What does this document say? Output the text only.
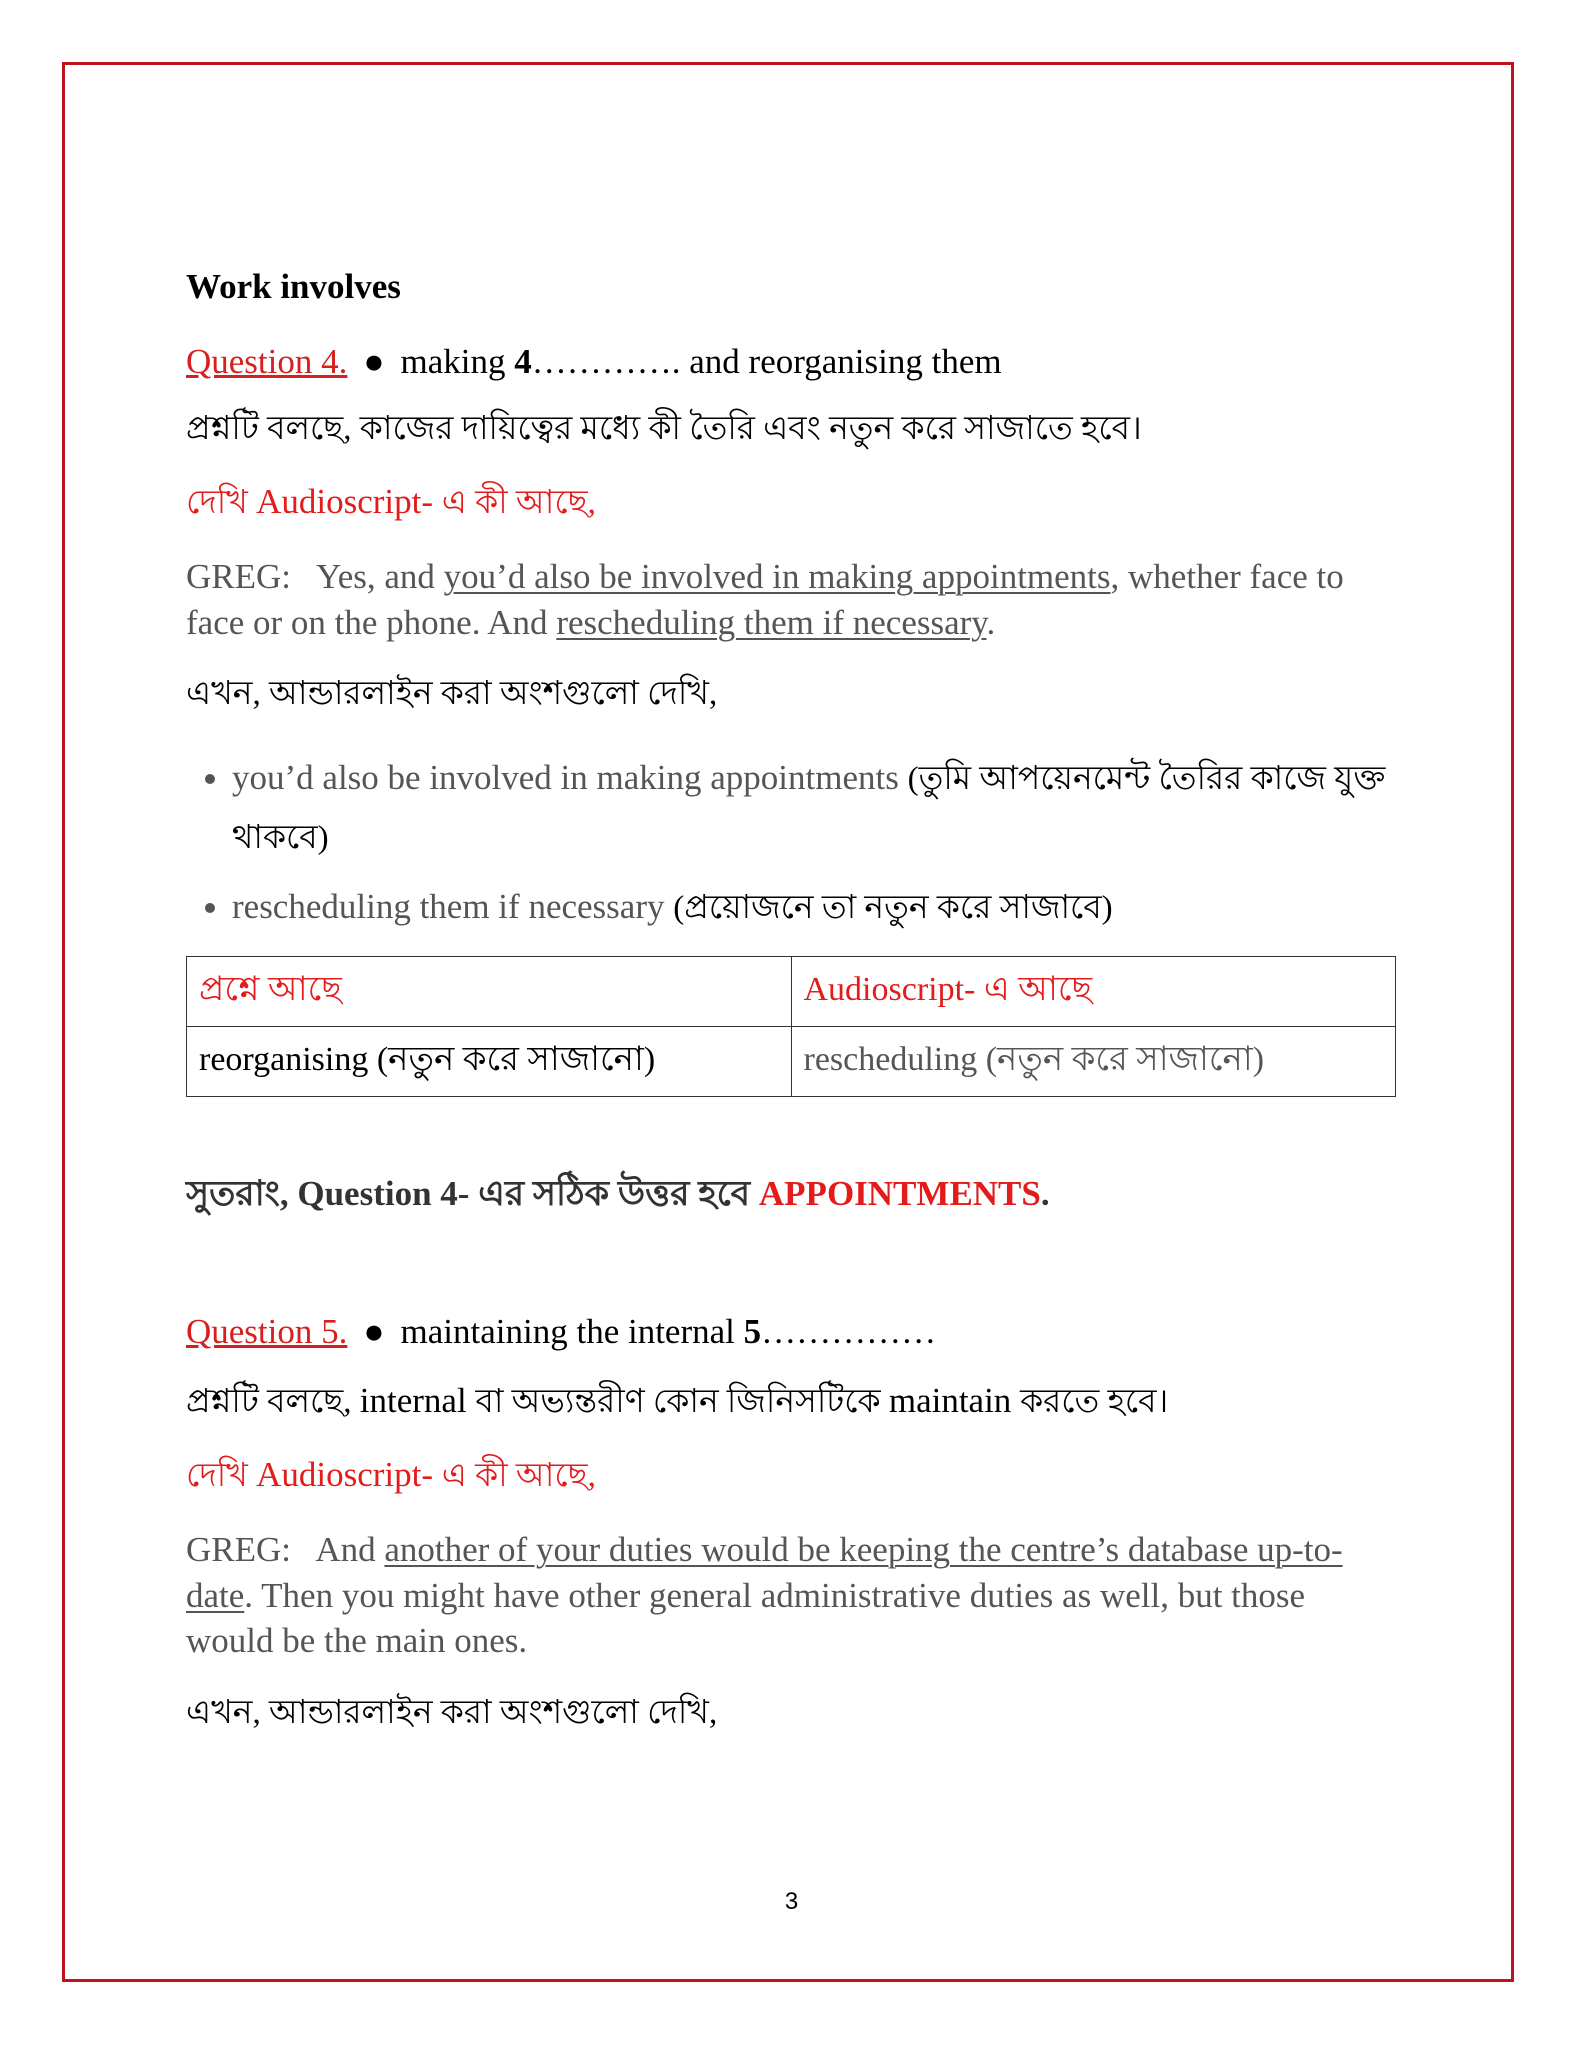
Work involves

Question 4. ● making 4…………. and reorganising them

প্রশ্নটি বলছে, কাজের দায়িত্বের মধ্যে কী তৈরি এবং নতুন করে সাজাতে হবে।

দেখি Audioscript- এ কী আছে,

GREG: Yes, and you’d also be involved in making appointments, whether face to face or on the phone. And rescheduling them if necessary.

এখন, আন্ডারলাইন করা অংশগুলো দেখি,

• you’d also be involved in making appointments (তুমি আপয়েনমেন্ট তৈরির কাজে যুক্ত থাকবে)
• rescheduling them if necessary (প্রয়োজনে তা নতুন করে সাজাবে)
প্রশ্নে আছে	Audioscript- এ আছে
reorganising (নতুন করে সাজানো)	rescheduling (নতুন করে সাজানো)

সুতরাং, Question 4- এর সঠিক উত্তর হবে APPOINTMENTS.

Question 5. ● maintaining the internal 5……………

প্রশ্নটি বলছে, internal বা অভ্যন্তরীণ কোন জিনিসটিকে maintain করতে হবে।

দেখি Audioscript- এ কী আছে,

GREG: And another of your duties would be keeping the centre’s database up-to-date. Then you might have other general administrative duties as well, but those would be the main ones.

এখন, আন্ডারলাইন করা অংশগুলো দেখি,

3
